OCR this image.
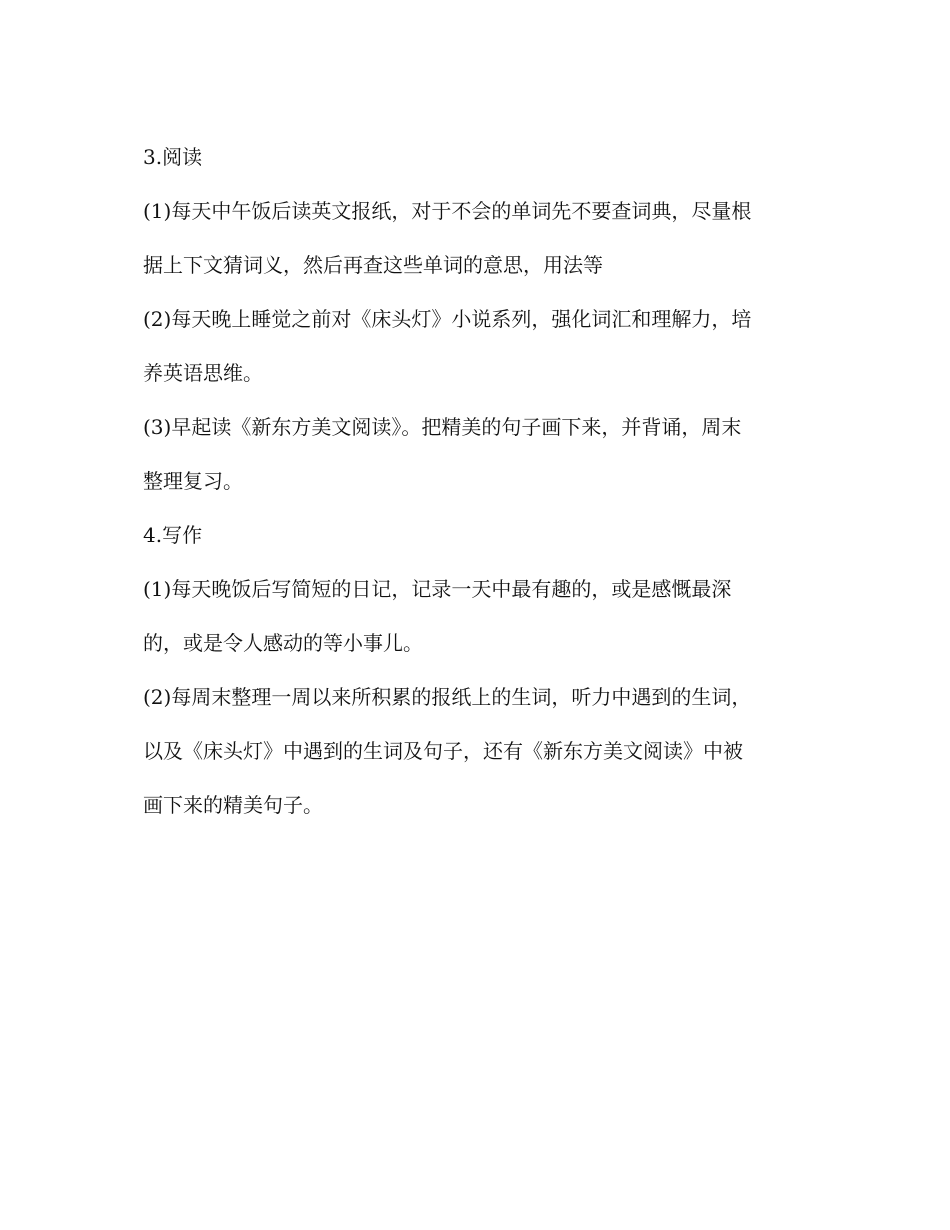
3.阅读
(1)每天中午饭后读英文报纸，对于不会的单词先不要查词典，尽量根
据上下文猜词义，然后再查这些单词的意思，用法等
(2)每天晚上睡觉之前对《床头灯》小说系列，强化词汇和理解力，培
养英语思维。
(3)早起读《新东方美文阅读》。把精美的句子画下来，并背诵，周末
整理复习。
4.写作
(1)每天晚饭后写简短的日记，记录一天中最有趣的，或是感慨最深
的，或是令人感动的等小事儿。
(2)每周末整理一周以来所积累的报纸上的生词，听力中遇到的生词，
以及《床头灯》中遇到的生词及句子，还有《新东方美文阅读》中被
画下来的精美句子。
